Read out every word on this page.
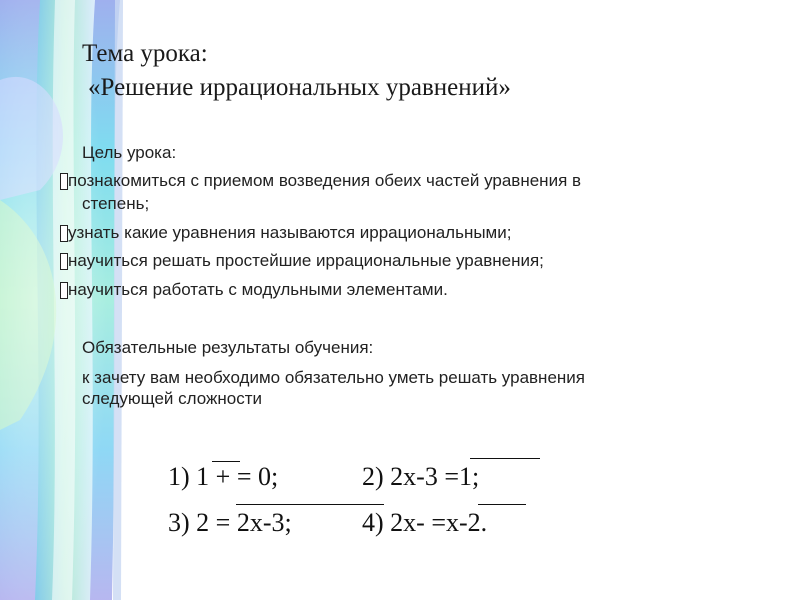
Тема урока:
«Решение иррациональных уравнений»
Цель урока:
познакомиться с приемом возведения обеих частей уравнения в
степень;
узнать какие уравнения называются иррациональными;
научиться решать простейшие иррациональные уравнения;
научиться работать с модульными элементами.
Обязательные результаты обучения:
к зачету вам необходимо обязательно уметь решать уравнения
следующей сложности
1) 1 + = 0;	2) 2x-3 =1;
3) 2 = 2x-3;	4) 2x- =x-2.
